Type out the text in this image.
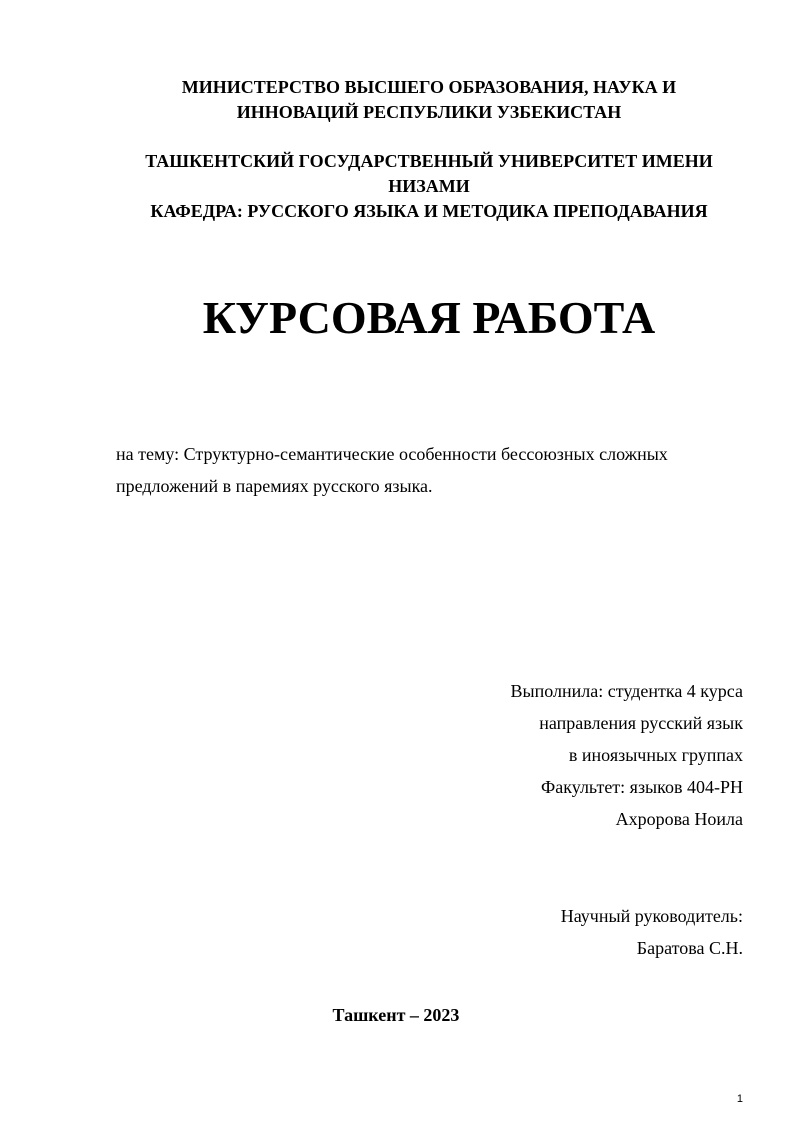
МИНИСТЕРСТВО ВЫСШЕГО ОБРАЗОВАНИЯ, НАУКА И
ИННОВАЦИЙ РЕСПУБЛИКИ УЗБЕКИСТАН
ТАШКЕНТСКИЙ ГОСУДАРСТВЕННЫЙ УНИВЕРСИТЕТ ИМЕНИ
НИЗАМИ
КАФЕДРА: РУССКОГО ЯЗЫКА И МЕТОДИКА ПРЕПОДАВАНИЯ
КУРСОВАЯ РАБОТА
на тему: Структурно-семантические особенности бессоюзных сложных предложений в паремиях русского языка.
Выполнила: студентка 4 курса
направления русский язык
в иноязычных группах
Факультет: языков 404-РН
Ахророва Ноила
Научный руководитель:
Баратова С.Н.
Ташкент – 2023
1
